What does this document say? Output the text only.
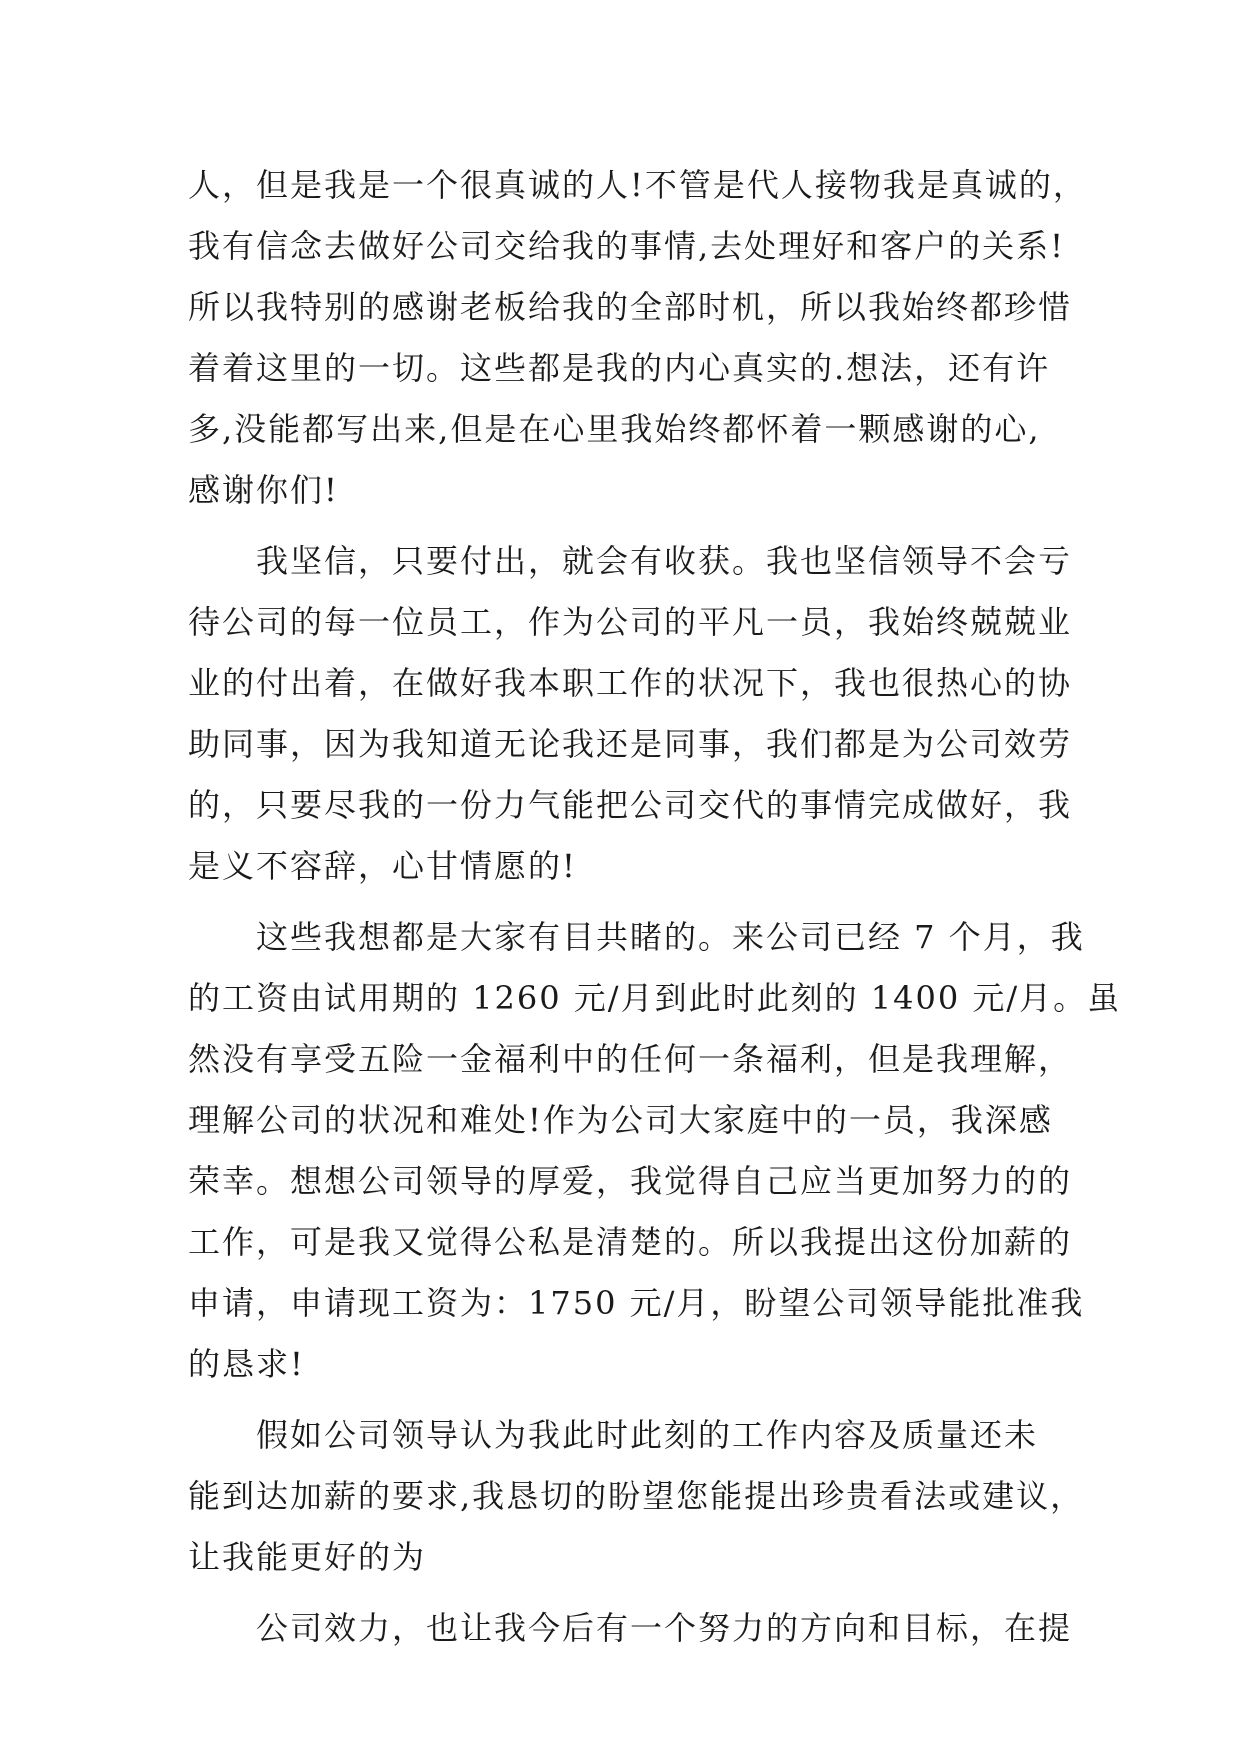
人，但是我是一个很真诚的人!不管是代人接物我是真诚的，
我有信念去做好公司交给我的事情,去处理好和客户的关系!
所以我特别的感谢老板给我的全部时机，所以我始终都珍惜
着着这里的一切。这些都是我的内心真实的.想法，还有许
多,没能都写出来,但是在心里我始终都怀着一颗感谢的心,
感谢你们!
　　我坚信，只要付出，就会有收获。我也坚信领导不会亏
待公司的每一位员工，作为公司的平凡一员，我始终兢兢业
业的付出着，在做好我本职工作的状况下，我也很热心的协
助同事，因为我知道无论我还是同事，我们都是为公司效劳
的，只要尽我的一份力气能把公司交代的事情完成做好，我
是义不容辞，心甘情愿的!
　　这些我想都是大家有目共睹的。来公司已经 7 个月，我
的工资由试用期的 1260 元/月到此时此刻的 1400 元/月。虽
然没有享受五险一金福利中的任何一条福利，但是我理解，
理解公司的状况和难处!作为公司大家庭中的一员，我深感
荣幸。想想公司领导的厚爱，我觉得自己应当更加努力的的
工作，可是我又觉得公私是清楚的。所以我提出这份加薪的
申请，申请现工资为：1750 元/月，盼望公司领导能批准我
的恳求!
　　假如公司领导认为我此时此刻的工作内容及质量还未
能到达加薪的要求,我恳切的盼望您能提出珍贵看法或建议，
让我能更好的为
　　公司效力，也让我今后有一个努力的方向和目标，在提
